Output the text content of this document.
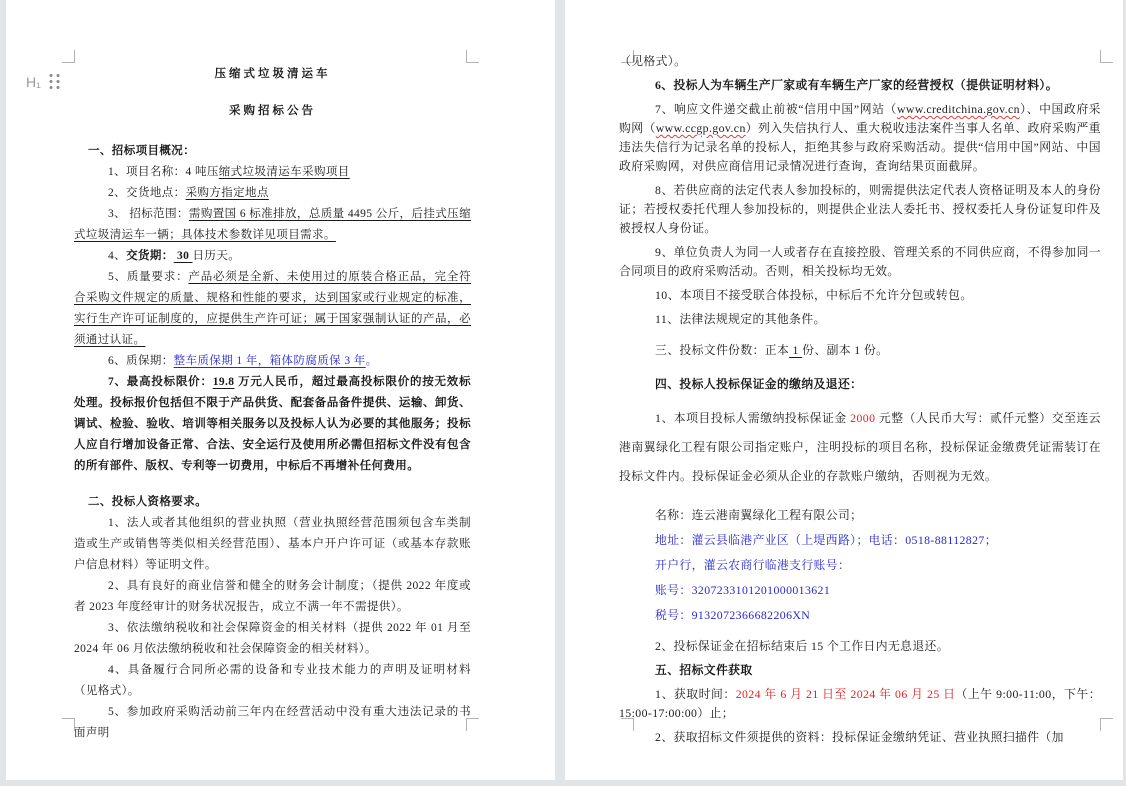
H₁	压缩式垃圾清运车

采购招标公告

一、招标项目概况：

1、项目名称：4 吨压缩式垃圾清运车采购项目

2、交货地点：采购方指定地点

3、 招标范围：需购置国 6 标准排放，总质量 4495 公斤，后挂式压缩式垃圾清运车一辆；具体技术参数详见项目需求。

4、交货期： 30 日历天。

5、质量要求：产品必须是全新、未使用过的原装合格正品，完全符合采购文件规定的质量、规格和性能的要求，达到国家或行业规定的标准，实行生产许可证制度的，应提供生产许可证；属于国家强制认证的产品，必须通过认证。

6、质保期：整车质保期 1 年，箱体防腐质保 3 年。

7、最高投标限价：19.8 万元人民币，超过最高投标限价的按无效标处理。投标报价包括但不限于产品供货、配套备品备件提供、运输、卸货、调试、检验、验收、培训等相关服务以及投标人认为必要的其他服务；投标人应自行增加设备正常、合法、安全运行及使用所必需但招标文件没有包含的所有部件、版权、专利等一切费用，中标后不再增补任何费用。

二、投标人资格要求。

1、法人或者其他组织的营业执照（营业执照经营范围须包含车类制造或生产或销售等类似相关经营范围）、基本户开户许可证（或基本存款账户信息材料）等证明文件。

2、具有良好的商业信誉和健全的财务会计制度；（提供 2022 年度或者 2023 年度经审计的财务状况报告，成立不满一年不需提供）。

3、依法缴纳税收和社会保障资金的相关材料（提供 2022 年 01 月至 2024 年 06 月依法缴纳税收和社会保障资金的相关材料）。

4、具备履行合同所必需的设备和专业技术能力的声明及证明材料（见格式）。

5、参加政府采购活动前三年内在经营活动中没有重大违法记录的书面声明

（见格式）。

6、投标人为车辆生产厂家或有车辆生产厂家的经营授权（提供证明材料）。

7、响应文件递交截止前被“信用中国”网站（www.creditchina.gov.cn）、中国政府采购网（www.ccgp.gov.cn）列入失信执行人、重大税收违法案件当事人名单、政府采购严重违法失信行为记录名单的投标人，拒绝其参与政府采购活动。提供“信用中国”网站、中国政府采购网，对供应商信用记录情况进行查询，查询结果页面截屏。

8、若供应商的法定代表人参加投标的，则需提供法定代表人资格证明及本人的身份证；若授权委托代理人参加投标的，则提供企业法人委托书、授权委托人身份证复印件及被授权人身份证。

9、单位负责人为同一人或者存在直接控股、管理关系的不同供应商，不得参加同一合同项目的政府采购活动。否则，相关投标均无效。

10、本项目不接受联合体投标，中标后不允许分包或转包。

11、法律法规规定的其他条件。

三、投标文件份数：正本 1 份、副本 1 份。

四、投标人投标保证金的缴纳及退还：

1、本项目投标人需缴纳投标保证金 2000 元整（人民币大写：贰仟元整）交至连云港南翼绿化工程有限公司指定账户，注明投标的项目名称，投标保证金缴费凭证需装订在投标文件内。投标保证金必须从企业的存款账户缴纳，否则视为无效。

名称：连云港南翼绿化工程有限公司；

地址：灌云县临港产业区（上堤西路）；电话：0518-88112827；

开户行，灌云农商行临港支行账号：

账号：3207233101201000013621

税号：9132072366682206XN

2、投标保证金在招标结束后 15 个工作日内无息退还。

五、招标文件获取

1、获取时间：2024 年 6 月 21 日至 2024 年 06 月 25 日（上午 9:00-11:00，下午：15:00-17:00:00）止；

2、获取招标文件须提供的资料：投标保证金缴纳凭证、营业执照扫描件（加
